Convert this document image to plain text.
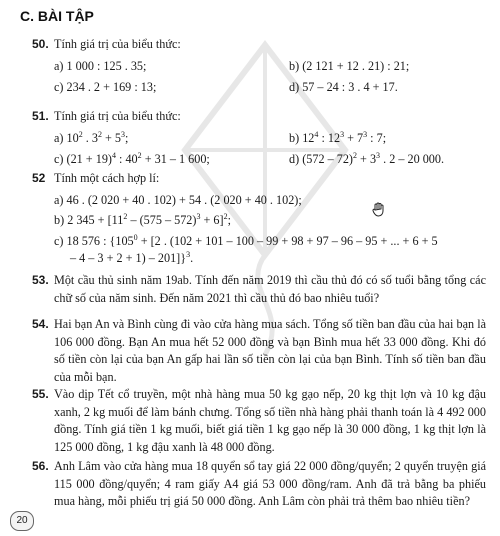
C. BÀI TẬP
50. Tính giá trị của biểu thức:
a) 1 000 : 125 . 35;	b) (2 121 + 12 . 21) : 21;
c) 234 . 2 + 169 : 13;	d) 57 – 24 : 3 . 4 + 17.
51. Tính giá trị của biểu thức:
a) $10^2$ . $3^2 + 5^3$;	b) $12^4$ : $12^3 + 7^3$ : 7;
c) $(21 + 19)^4$ : $40^2 + 31 - 1$ 600;	d) $(572 - 72)^2 + 3^3$ . 2 – 20 000.
52 Tính một cách hợp lí:
a) 46 . (2 020 + 40 . 102) + 54 . (2 020 + 40 . 102);
b) 2 $345 + [11^2 - (575 - 572)^3 + 6]^2$;
c) 18 576 : {$105^0 + [2$ . (102 + 101 – 100 – 99 + 98 + 97 – 96 – 95 + ... + 6 + 5
– 4 – 3 + 2 + 1) – 201]}$^3$.
53. Một cầu thủ sinh năm 19ab. Tính đến năm 2019 thì cầu thủ đó có số tuổi bằng tổng các chữ số của năm sinh. Đến năm 2021 thì cầu thủ đó bao nhiêu tuổi?
54. Hai bạn An và Bình cùng đi vào cửa hàng mua sách. Tổng số tiền ban đầu của hai bạn là 106 000 đồng. Bạn An mua hết 52 000 đồng và bạn Bình mua hết 33 000 đồng. Khi đó số tiền còn lại của bạn An gấp hai lần số tiền còn lại của bạn Bình. Tính số tiền ban đầu của mỗi bạn.
55. Vào dịp Tết cổ truyền, một nhà hàng mua 50 kg gạo nếp, 20 kg thịt lợn và 10 kg đậu xanh, 2 kg muối để làm bánh chưng. Tổng số tiền nhà hàng phải thanh toán là 4 492 000 đồng. Tính giá tiền 1 kg muối, biết giá tiền 1 kg gạo nếp là 30 000 đồng, 1 kg thịt lợn là 125 000 đồng, 1 kg đậu xanh là 48 000 đồng.
56. Anh Lâm vào cửa hàng mua 18 quyển sổ tay giá 22 000 đồng/quyển; 2 quyển truyện giá 115 000 đồng/quyển; 4 ram giấy A4 giá 53 000 đồng/ram. Anh đã trả bằng ba phiếu mua hàng, mỗi phiếu trị giá 50 000 đồng. Anh Lâm còn phải trả thêm bao nhiêu tiền?
20
